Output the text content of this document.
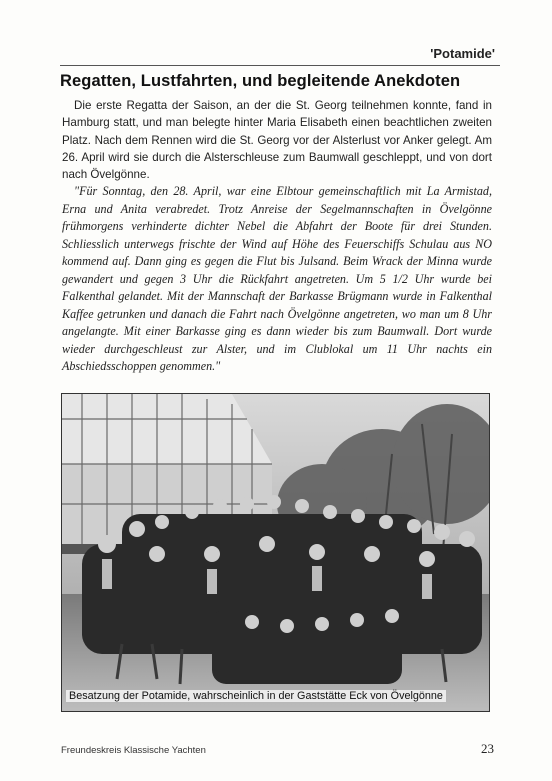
'Potamide'
Regatten, Lustfahrten, und begleitende Anekdoten

Die erste Regatta der Saison, an der die St. Georg teilnehmen konnte, fand in Hamburg statt, und man belegte hinter Maria Elisabeth einen beachtlichen zweiten Platz. Nach dem Rennen wird die St. Georg vor der Alsterlust vor Anker gelegt. Am 26. April wird sie durch die Alsterschleuse zum Baumwall geschleppt, und von dort nach Övelgönne.

"Für Sonntag, den 28. April, war eine Elbtour gemeinschaftlich mit La Armistad, Erna und Anita verabredet. Trotz Anreise der Segelmannschaften in Övelgönne frühmorgens verhinderte dichter Nebel die Abfahrt der Boote für drei Stunden. Schliesslich unterwegs frischte der Wind auf Höhe des Feuerschiffs Schulau aus NO kommend auf. Dann ging es gegen die Flut bis Julsand. Beim Wrack der Minna wurde gewandert und gegen 3 Uhr die Rückfahrt angetreten. Um 5 1/2 Uhr wurde bei Falkenthal gelandet. Mit der Mannschaft der Barkasse Brügmann wurde in Falkenthal Kaffee getrunken und danach die Fahrt nach Övelgönne angetreten, wo man um 8 Uhr angelangte. Mit einer Barkasse ging es dann wieder bis zum Baumwall. Dort wurde wieder durchgeschleust zur Alster, und im Clublokal um 11 Uhr nachts ein Abschiedsschoppen genommen."

Besatzung der Potamide, wahrscheinlich in der Gaststätte Eck von Övelgönne
Freundeskreis Klassische Yachten	23
